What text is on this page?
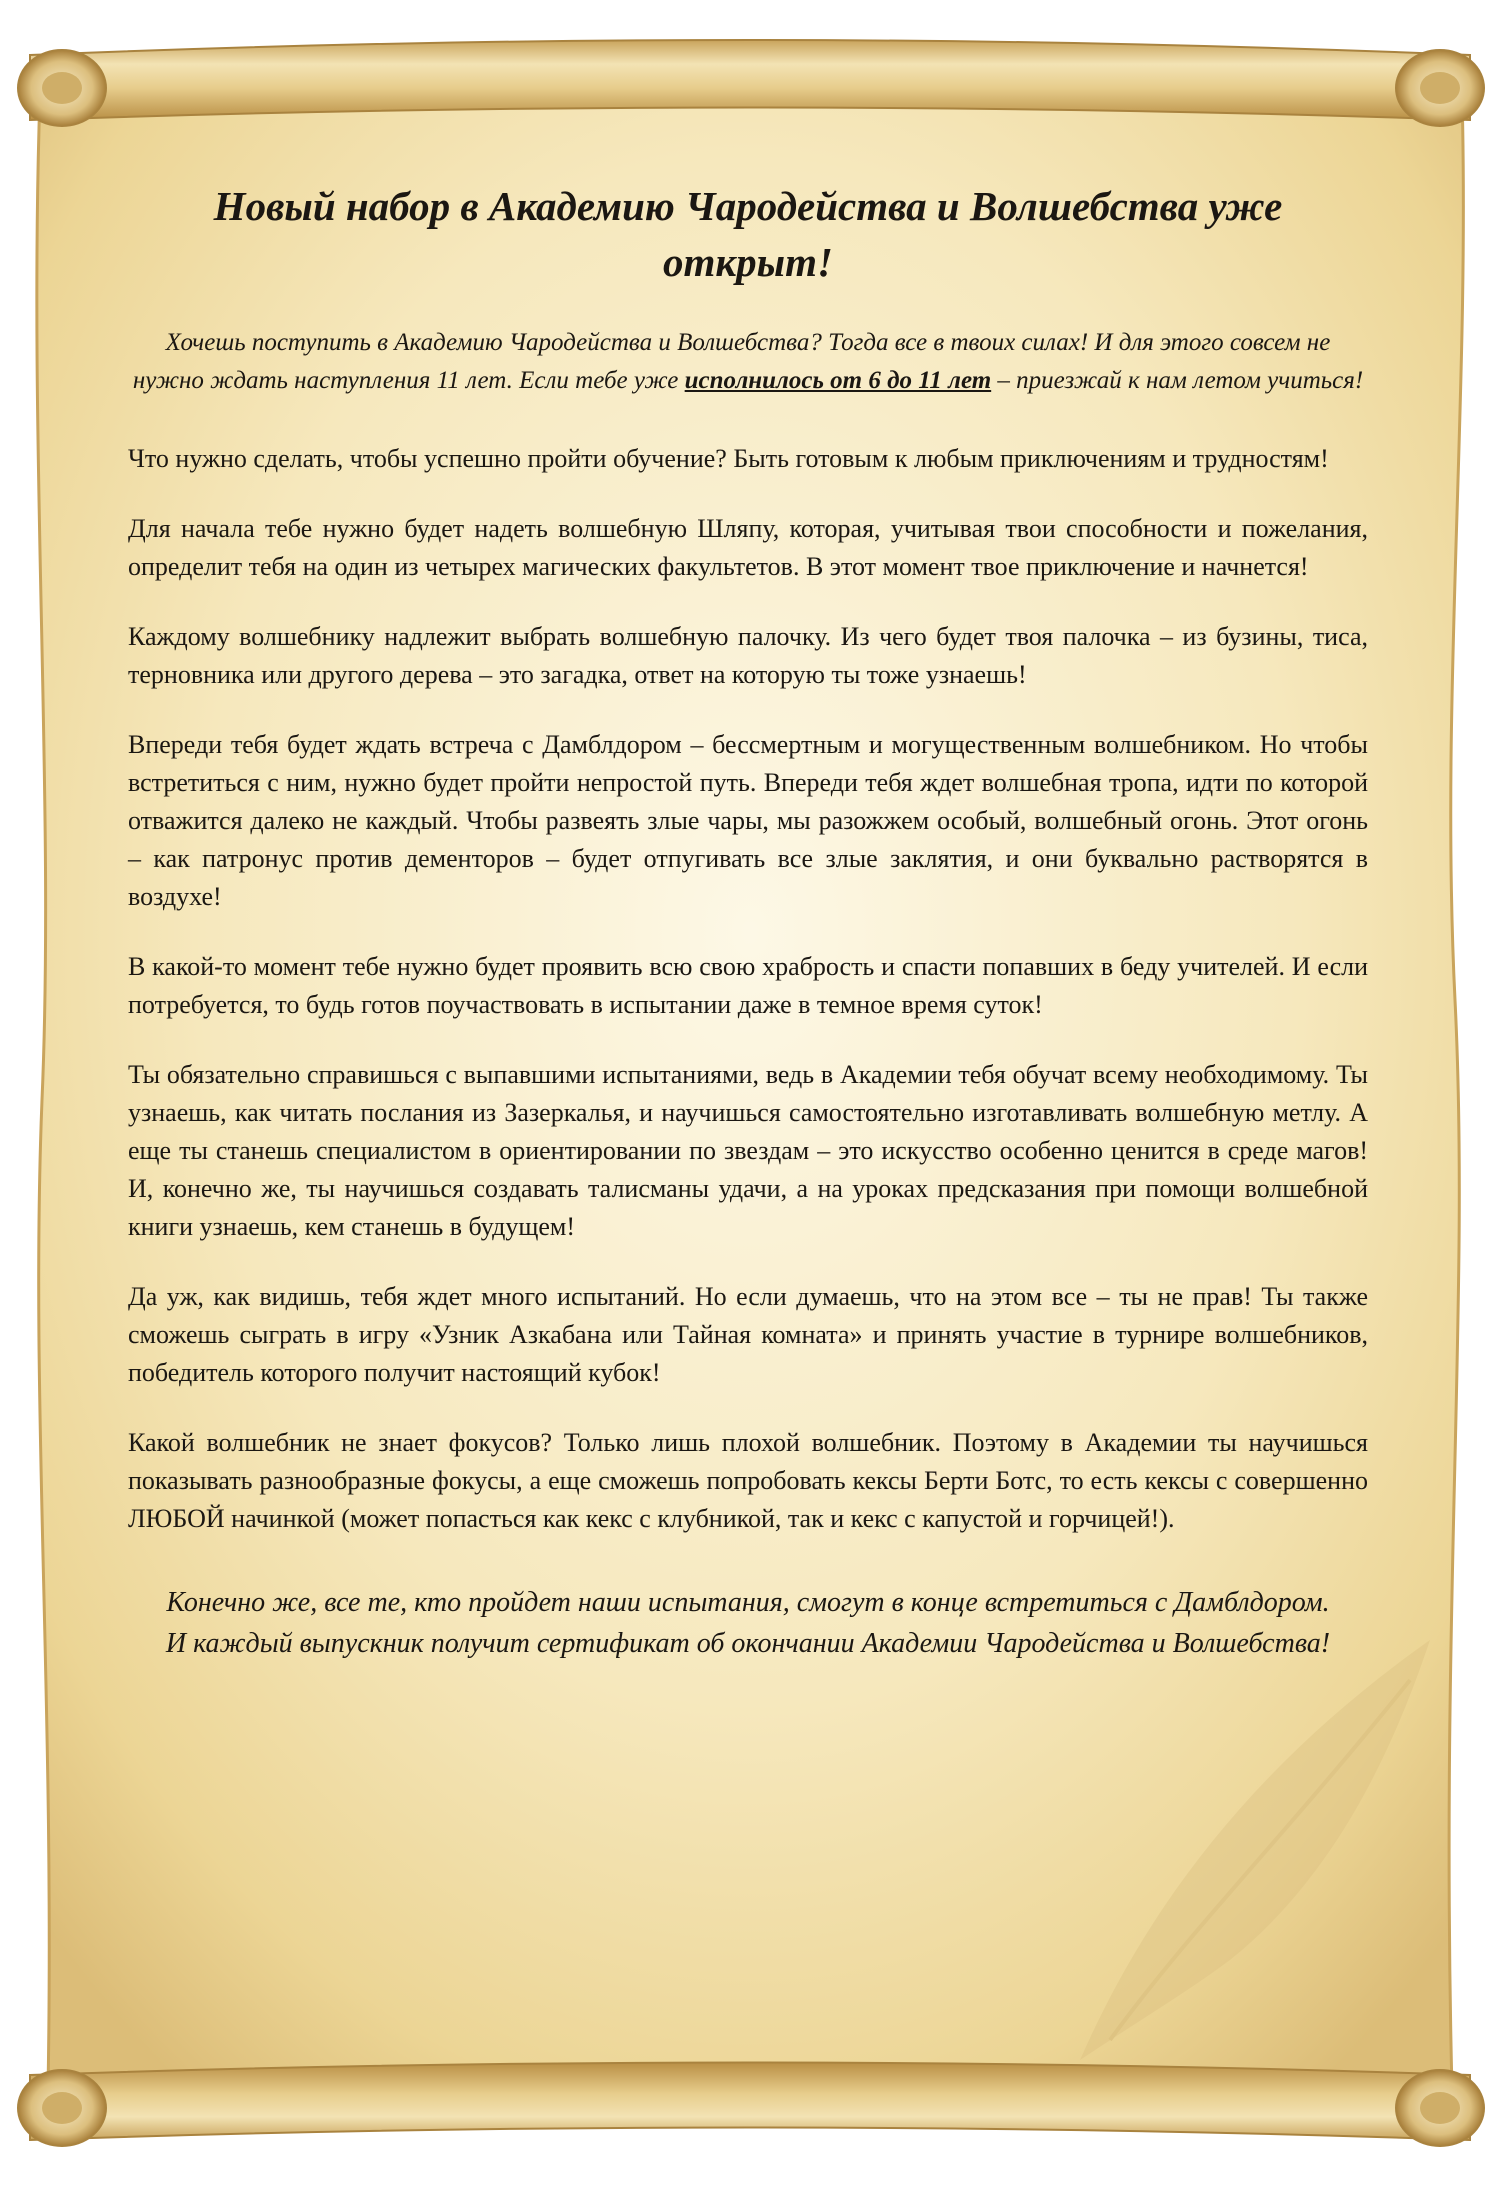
Новый набор в Академию Чародейства и Волшебства уже открыт!

Хочешь поступить в Академию Чародейства и Волшебства? Тогда все в твоих силах! И для этого совсем не нужно ждать наступления 11 лет. Если тебе уже исполнилось от 6 до 11 лет – приезжай к нам летом учиться!

Что нужно сделать, чтобы успешно пройти обучение? Быть готовым к любым приключениям и трудностям!

Для начала тебе нужно будет надеть волшебную Шляпу, которая, учитывая твои способности и пожелания, определит тебя на один из четырех магических факультетов. В этот момент твое приключение и начнется!

Каждому волшебнику надлежит выбрать волшебную палочку. Из чего будет твоя палочка – из бузины, тиса, терновника или другого дерева – это загадка, ответ на которую ты тоже узнаешь!

Впереди тебя будет ждать встреча с Дамблдором – бессмертным и могущественным волшебником. Но чтобы встретиться с ним, нужно будет пройти непростой путь. Впереди тебя ждет волшебная тропа, идти по которой отважится далеко не каждый. Чтобы развеять злые чары, мы разожжем особый, волшебный огонь. Этот огонь – как патронус против дементоров – будет отпугивать все злые заклятия, и они буквально растворятся в воздухе!

В какой-то момент тебе нужно будет проявить всю свою храбрость и спасти попавших в беду учителей. И если потребуется, то будь готов поучаствовать в испытании даже в темное время суток!

Ты обязательно справишься с выпавшими испытаниями, ведь в Академии тебя обучат всему необходимому. Ты узнаешь, как читать послания из Зазеркалья, и научишься самостоятельно изготавливать волшебную метлу. А еще ты станешь специалистом в ориентировании по звездам – это искусство особенно ценится в среде магов! И, конечно же, ты научишься создавать талисманы удачи, а на уроках предсказания при помощи волшебной книги узнаешь, кем станешь в будущем!

Да уж, как видишь, тебя ждет много испытаний. Но если думаешь, что на этом все – ты не прав! Ты также сможешь сыграть в игру «Узник Азкабана или Тайная комната» и принять участие в турнире волшебников, победитель которого получит настоящий кубок!

Какой волшебник не знает фокусов? Только лишь плохой волшебник. Поэтому в Академии ты научишься показывать разнообразные фокусы, а еще сможешь попробовать кексы Берти Ботс, то есть кексы с совершенно ЛЮБОЙ начинкой (может попасться как кекс с клубникой, так и кекс с капустой и горчицей!).

Конечно же, все те, кто пройдет наши испытания, смогут в конце встретиться с Дамблдором. И каждый выпускник получит сертификат об окончании Академии Чародейства и Волшебства!
